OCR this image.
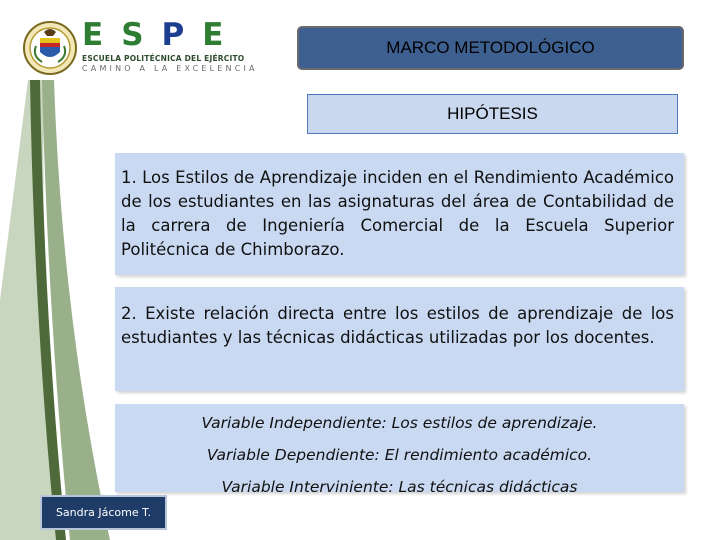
ESPE
ESCUELA POLITÉCNICA DEL EJÉRCITO
CAMINO A LA EXCELENCIA
MARCO METODOLÓGICO
HIPÓTESIS
1. Los Estilos de Aprendizaje inciden en el Rendimiento Académico de los estudiantes en las asignaturas del área de Contabilidad de la carrera de Ingeniería Comercial de la Escuela Superior Politécnica de Chimborazo.
2. Existe relación directa entre los estilos de aprendizaje de los estudiantes y las técnicas didácticas utilizadas por los docentes.
Variable Independiente: Los estilos de aprendizaje.
Variable Dependiente: El rendimiento académico.
Variable Interviniente: Las técnicas didácticas
Sandra Jácome T.
